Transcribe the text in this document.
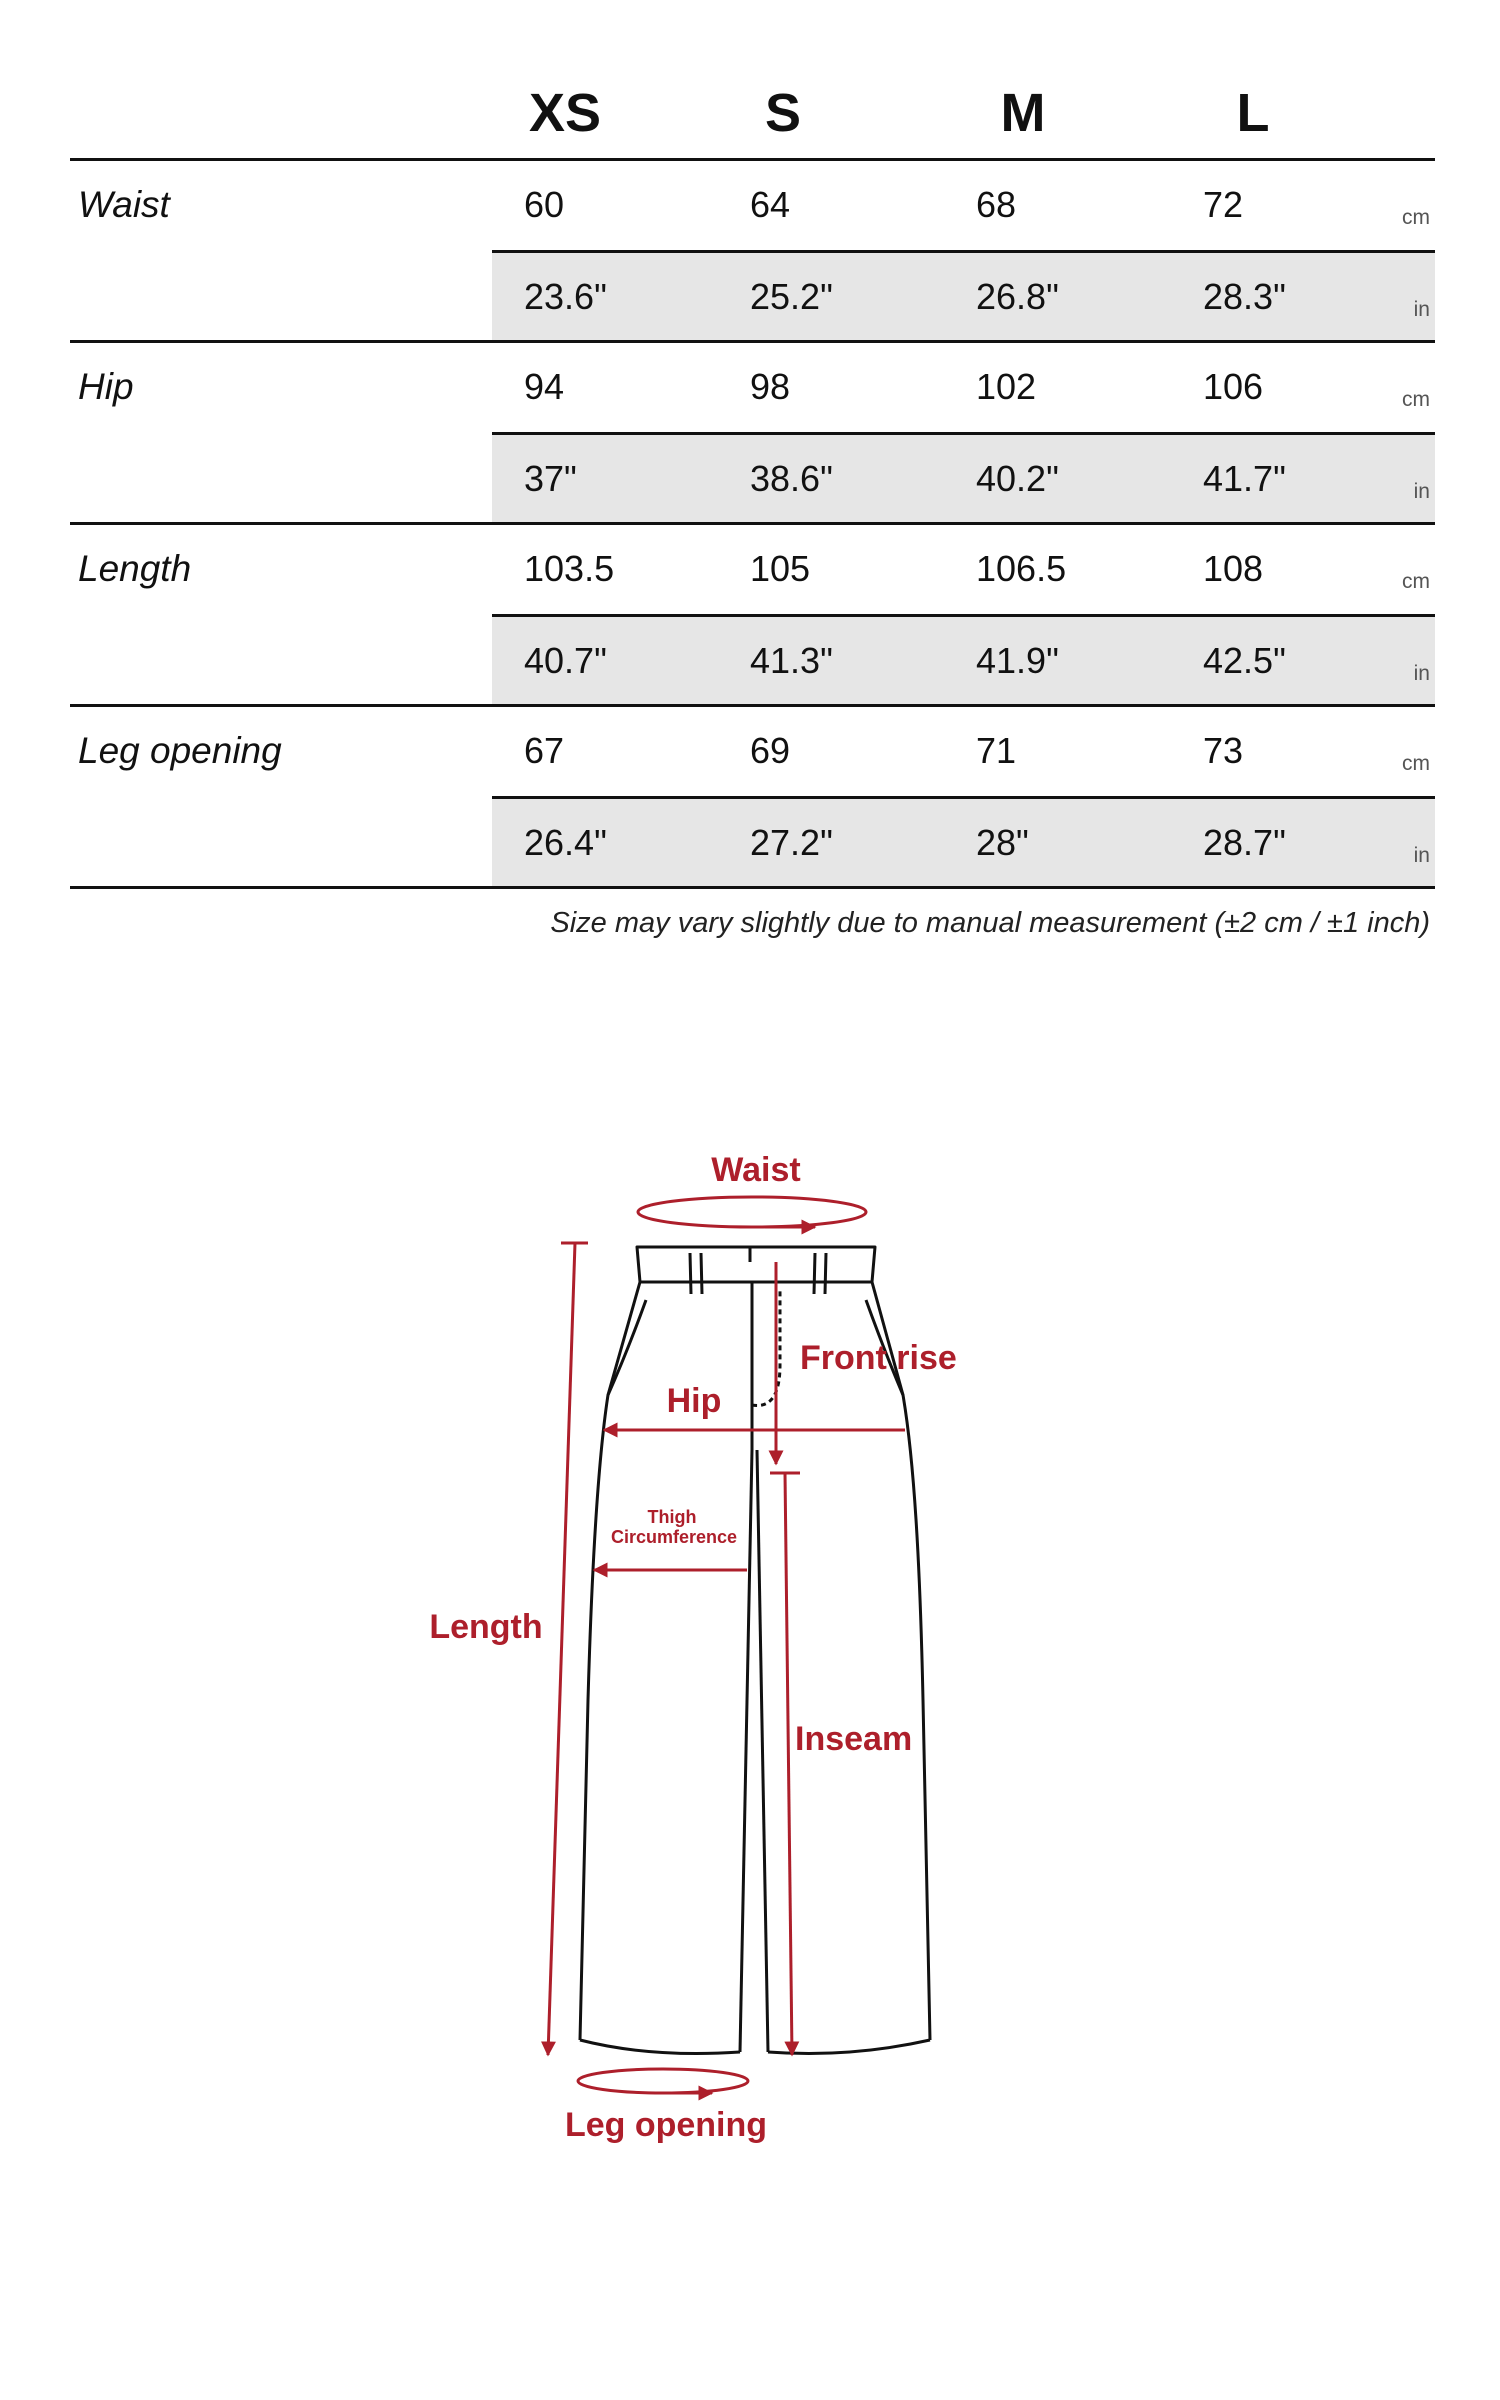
XS	S	M	L
Waist	60	64	68	72	cm
23.6"	25.2"	26.8"	28.3"	in
Hip	94	98	102	106	cm
37"	38.6"	40.2"	41.7"	in
Length	103.5	105	106.5	108	cm
40.7"	41.3"	41.9"	42.5"	in
Leg opening	67	69	71	73	cm
26.4"	27.2"	28"	28.7"	in
Size may vary slightly due to manual measurement (±2 cm / ±1 inch)
Waist
Front rise
Hip
Thigh
Circumference
Length
Inseam
Leg opening
